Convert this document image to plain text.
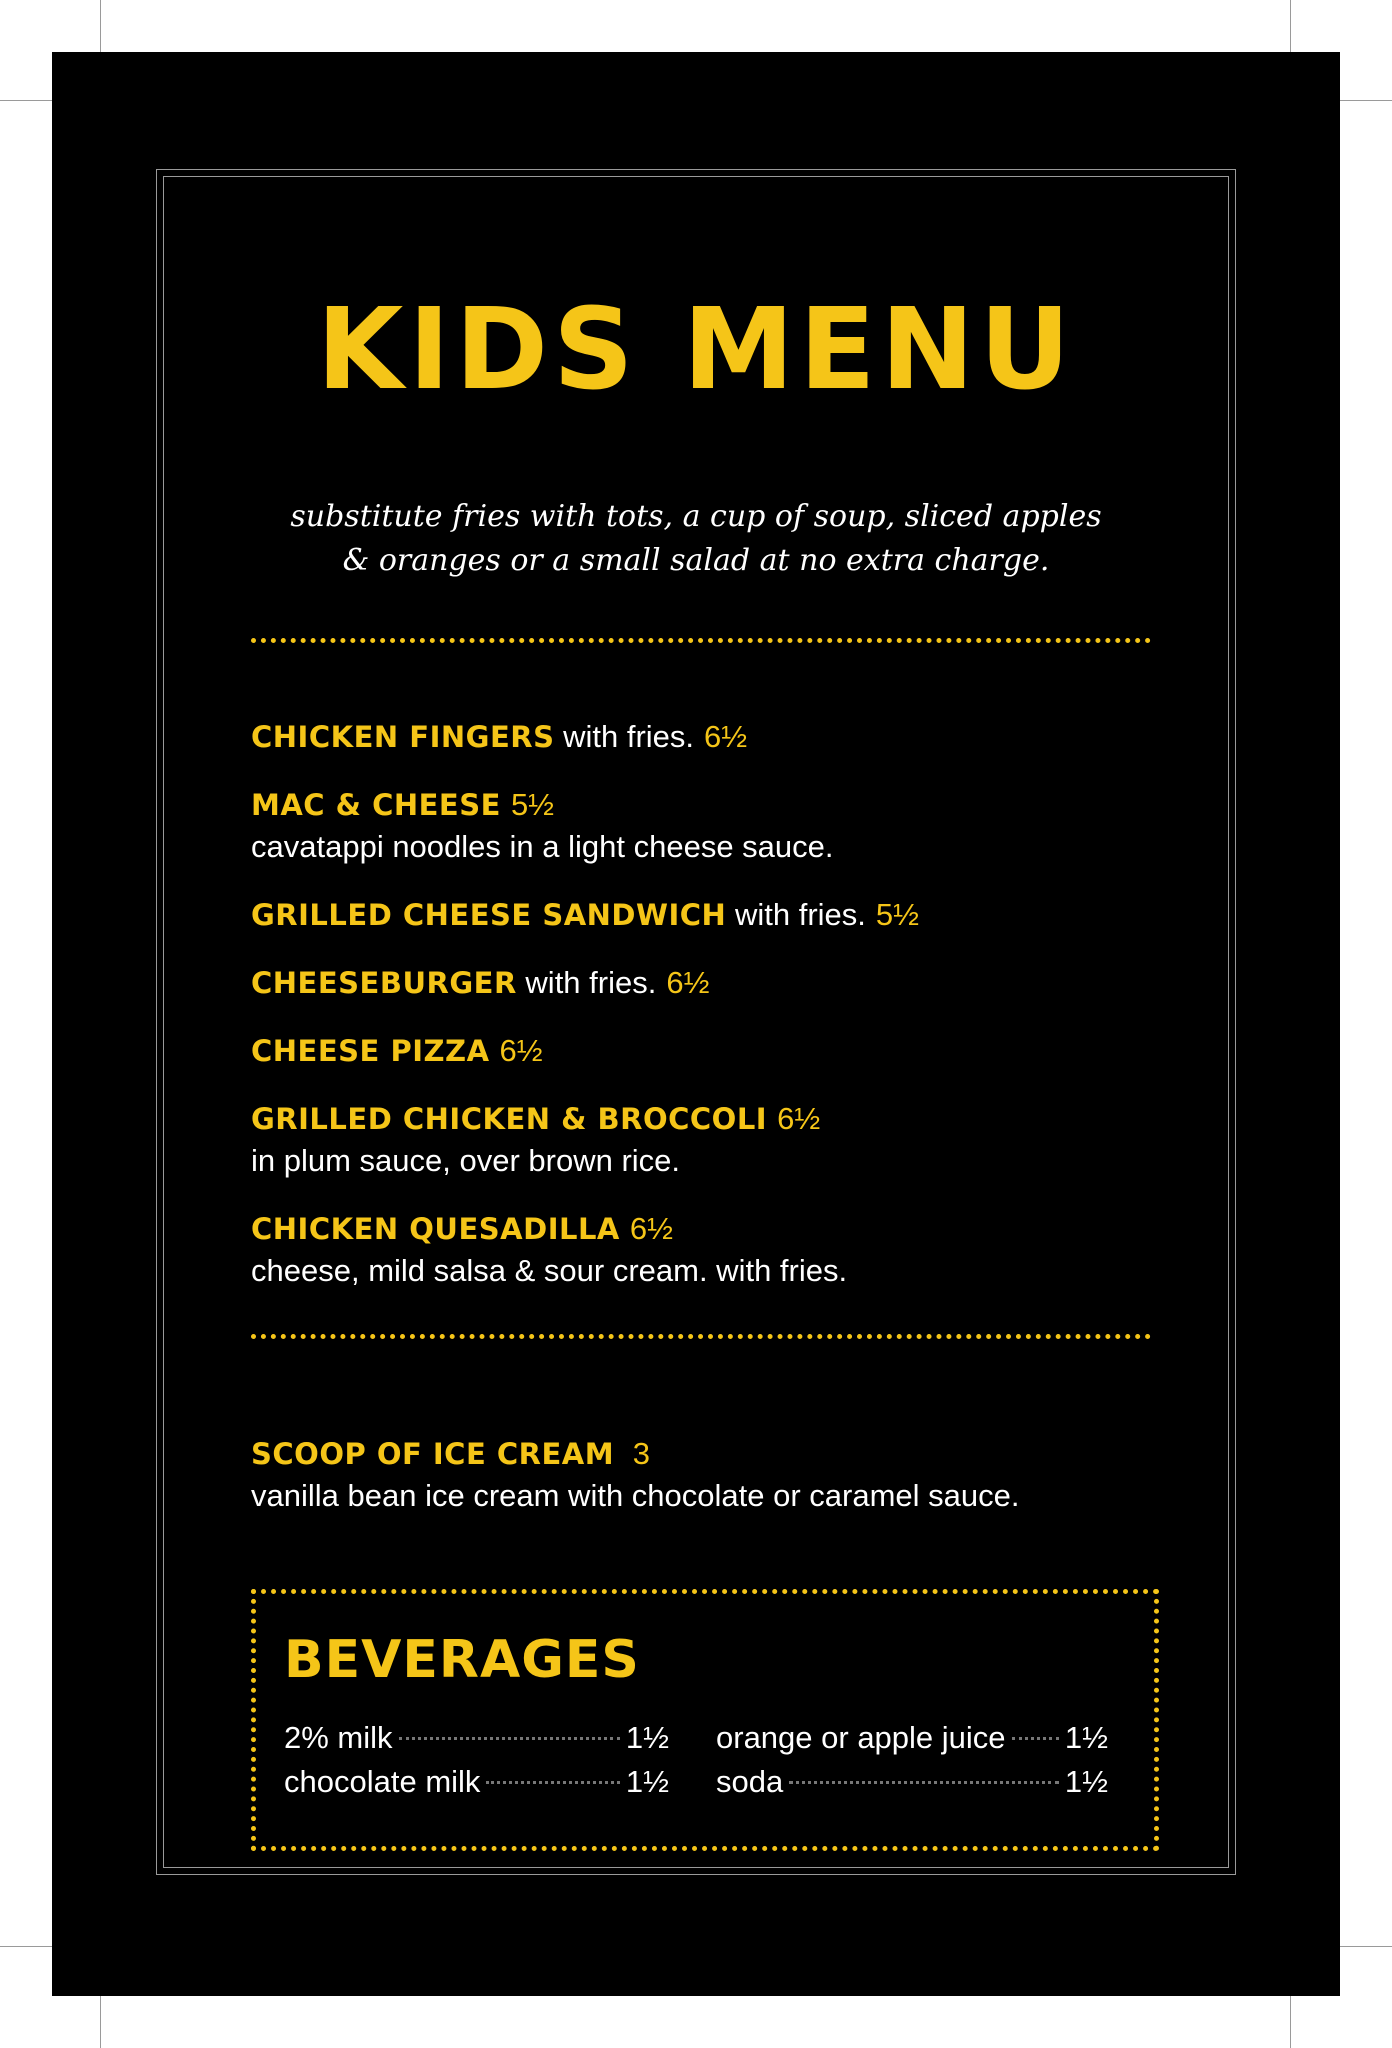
KIDS MENU
substitute fries with tots, a cup of soup, sliced apples
& oranges or a small salad at no extra charge.
CHICKEN FINGERS with fries. 6½
MAC & CHEESE 5½
cavatappi noodles in a light cheese sauce.
GRILLED CHEESE SANDWICH with fries. 5½
CHEESEBURGER with fries. 6½
CHEESE PIZZA 6½
GRILLED CHICKEN & BROCCOLI 6½
in plum sauce, over brown rice.
CHICKEN QUESADILLA 6½
cheese, mild salsa & sour cream. with fries.
SCOOP OF ICE CREAM 3
vanilla bean ice cream with chocolate or caramel sauce.
BEVERAGES
2% milk	1½
chocolate milk	1½
orange or apple juice 1½
soda	1½
